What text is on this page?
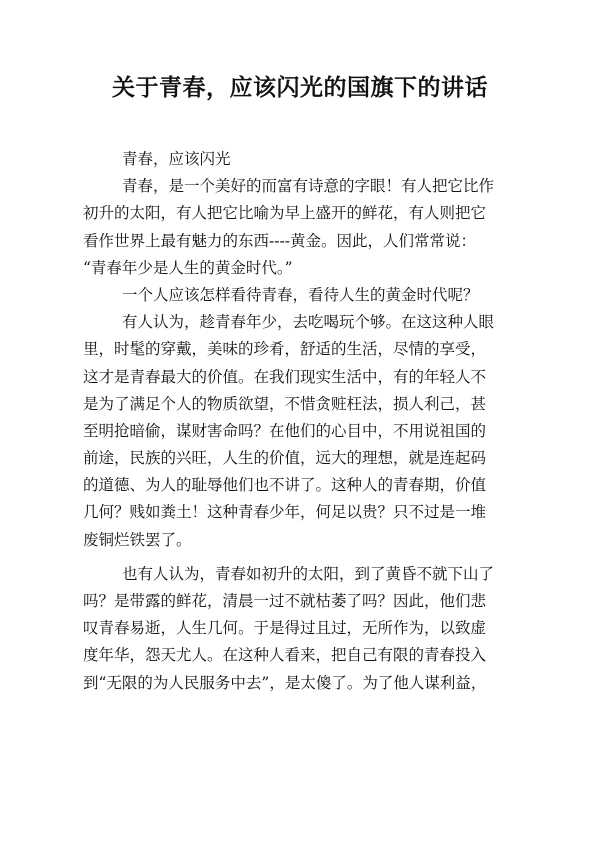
关于青春，应该闪光的国旗下的讲话
青春，应该闪光
青春，是一个美好的而富有诗意的字眼！有人把它比作
初升的太阳，有人把它比喻为早上盛开的鲜花，有人则把它
看作世界上最有魅力的东西----黄金。因此，人们常常说：
“青春年少是人生的黄金时代。”
一个人应该怎样看待青春，看待人生的黄金时代呢？
有人认为，趁青春年少，去吃喝玩个够。在这这种人眼
里，时髦的穿戴，美味的珍肴，舒适的生活，尽情的享受，
这才是青春最大的价值。在我们现实生活中，有的年轻人不
是为了满足个人的物质欲望，不惜贪赃枉法，损人利己，甚
至明抢暗偷，谋财害命吗？在他们的心目中，不用说祖国的
前途，民族的兴旺，人生的价值，远大的理想，就是连起码
的道德、为人的耻辱他们也不讲了。这种人的青春期，价值
几何？贱如粪土！这种青春少年，何足以贵？只不过是一堆
废铜烂铁罢了。
也有人认为，青春如初升的太阳，到了黄昏不就下山了
吗？是带露的鲜花，清晨一过不就枯萎了吗？因此，他们悲
叹青春易逝，人生几何。于是得过且过，无所作为，以致虚
度年华，怨天尤人。在这种人看来，把自己有限的青春投入
到“无限的为人民服务中去”，是太傻了。为了他人谋利益，
